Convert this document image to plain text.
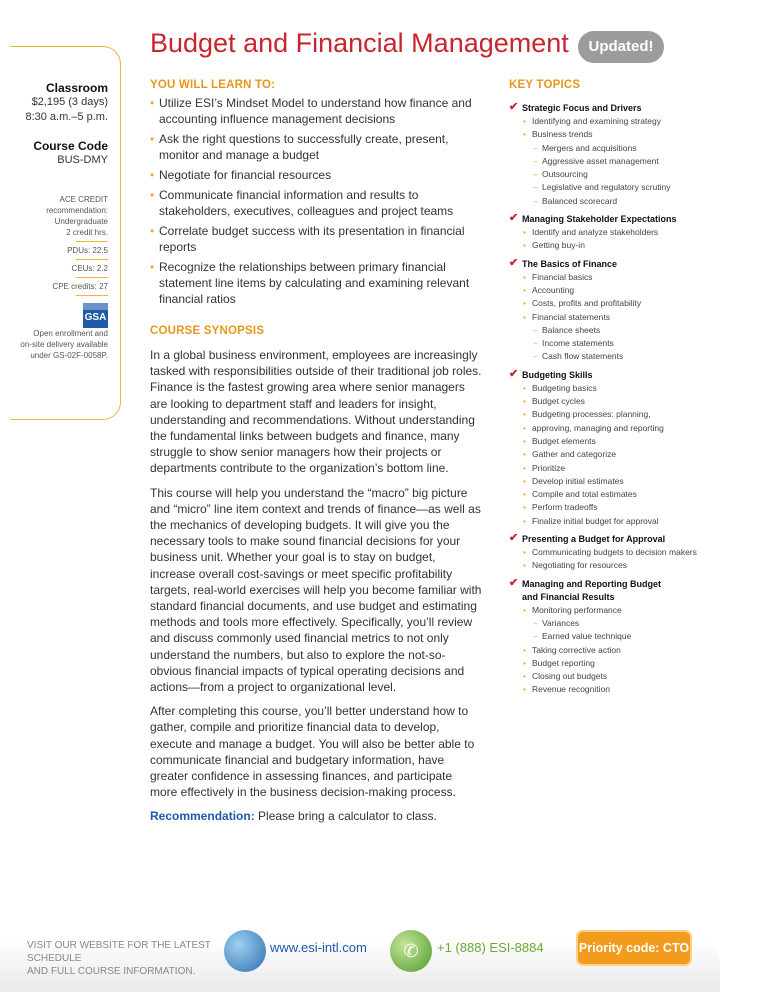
Budget and Financial Management	Updated!
Classroom
$2,195 (3 days)
8:30 a.m.–5 p.m.
Course Code
BUS-DMY
ACE CREDIT
recommendation:
Undergraduate
2 credit hrs.
PDUs: 22.5
CEUs: 2.2
CPE credits: 27
GSA
Open enrollment and
on-site delivery available
under GS-02F-0058P.
YOU WILL LEARN TO:
• Utilize ESI’s Mindset Model to understand how finance and accounting influence management decisions
• Ask the right questions to successfully create, present, monitor and manage a budget
• Negotiate for financial resources
• Communicate financial information and results to stakeholders, executives, colleagues and project teams
• Correlate budget success with its presentation in financial reports
• Recognize the relationships between primary financial statement line items by calculating and examining relevant financial ratios
COURSE SYNOPSIS

In a global business environment, employees are increasingly tasked with responsibilities outside of their traditional job roles. Finance is the fastest growing area where senior managers are looking to department staff and leaders for insight, understanding and recommendations. Without understanding the fundamental links between budgets and finance, many struggle to show senior managers how their projects or departments contribute to the organization’s bottom line.

This course will help you understand the “macro” big picture and “micro” line item context and trends of finance—as well as the mechanics of developing budgets. It will give you the necessary tools to make sound financial decisions for your business unit. Whether your goal is to stay on budget, increase overall cost-savings or meet specific profitability targets, real-world exercises will help you become familiar with standard financial documents, and use budget and estimating methods and tools more effectively. Specifically, you’ll review and discuss commonly used financial metrics to not only understand the numbers, but also to explore the not-so-obvious financial impacts of typical operating decisions and actions—from a project to organizational level.

After completing this course, you’ll better understand how to gather, compile and prioritize financial data to develop, execute and manage a budget. You will also be better able to communicate financial and budgetary information, have greater confidence in assessing finances, and participate more effectively in the business decision-making process.

Recommendation: Please bring a calculator to class.

KEY TOPICS
✔ Strategic Focus and Drivers
• Identifying and examining strategy
• Business trends
– Mergers and acquisitions
– Aggressive asset management
– Outsourcing
– Legislative and regulatory scrutiny
– Balanced scorecard
✔ Managing Stakeholder Expectations
• Identify and analyze stakeholders
• Getting buy-in
✔ The Basics of Finance
• Financial basics
• Accounting
• Costs, profits and profitability
• Financial statements
– Balance sheets
– Income statements
– Cash flow statements
✔ Budgeting Skills
• Budgeting basics
• Budget cycles
• Budgeting processes: planning,
• approving, managing and reporting
• Budget elements
• Gather and categorize
• Prioritize
• Develop initial estimates
• Compile and total estimates
• Perform tradeoffs
• Finalize initial budget for approval
✔ Presenting a Budget for Approval
• Communicating budgets to decision makers
• Negotiating for resources
✔ Managing and Reporting Budget
and Financial Results
• Monitoring performance
– Variances
– Earned value technique
• Taking corrective action
• Budget reporting
• Closing out budgets
• Revenue recognition
VISIT OUR WEBSITE FOR THE LATEST SCHEDULE
AND FULL COURSE INFORMATION.
www.esi-intl.com	✆	+1 (888) ESI-8884	Priority code: CTO
